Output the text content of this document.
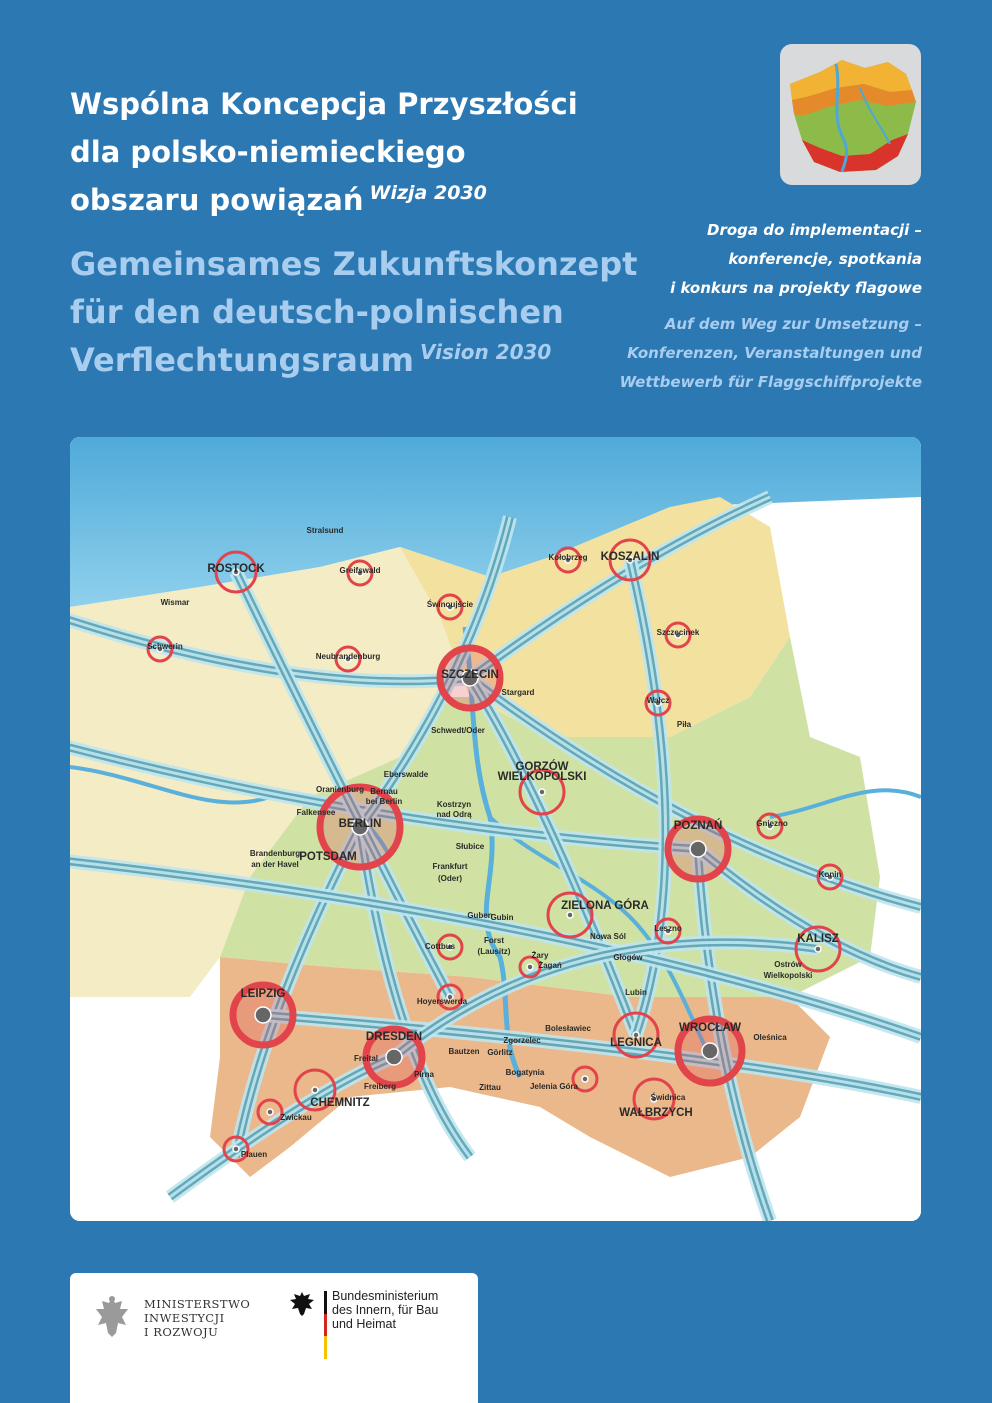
Wspólna Koncepcja Przyszłości
dla polsko-niemieckiego
obszaru powiązań $^{Wizja 2030}$
Gemeinsames Zukunftskonzept
für den deutsch-polnischen
Verflechtungsraum $^{Vision 2030}$
Droga do implementacji –
konferencje, spotkania
i konkurs na projekty flagowe
Auf dem Weg zur Umsetzung –
Konferenzen, Veranstaltungen und
Wettbewerb für Flaggschiffprojekte
Stralsund
ROSTOCK	Greifswald
Wismar
Schwerin
Neubrandenburg
Kołobrzeg KOSZALIN
Świnoujście
Szczecinek
SZCZECIN
Stargard
Wałcz
Piła
Schwedt/Oder
GORZÓW
WIELKOPOLSKI
Eberswalde
Oranienburg Bernau
bei Berlin	Kostrzyn
nad Odrą
Falkensee
BERLIN
POTSDAM
Brandenburg
an der Havel
Słubice
Frankfurt
(Oder)
POZNAŃ	Gniezno
Konin
Guben
Gubin
ZIELONA GÓRA
Nowa Sól
Cottbus
Forst
(Lausitz)	Żary
Żagań
Głogów
Leszno
KALISZ
Ostrów
Wielkopolski
LEIPZIG
Hoyerswerda
Lubin
Bolesławiec
Zgorzelec	LEGNICA
WROCŁAW
Oleśnica
DRESDEN
Bautzen Görlitz
Freital
Pirna
Freiberg
Bogatynia
Zittau	Jelenia Góra
Świdnica
WAŁBRZYCH
CHEMNITZ
Zwickau
Plauen
MINISTERSTWO
INWESTYCJI
I ROZWOJU
Bundesministerium
des Innern, für Bau
und Heimat
